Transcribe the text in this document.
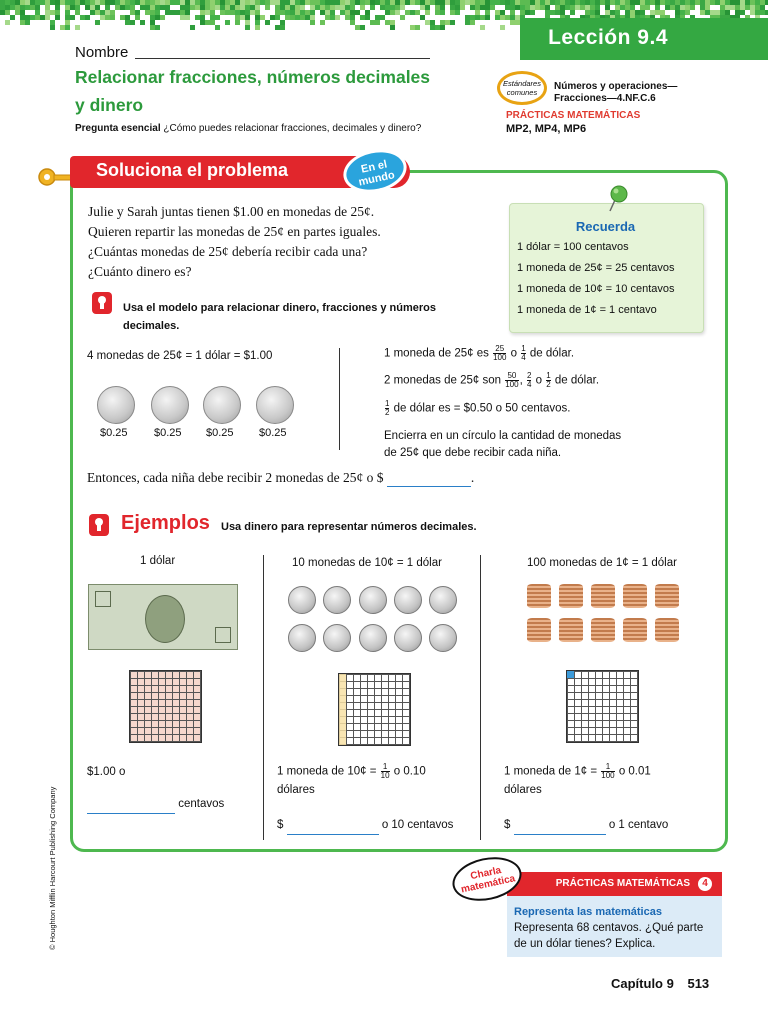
Lección 9.4
Nombre
Relacionar fracciones, números decimales
y dinero
Pregunta esencial ¿Cómo puedes relacionar fracciones, decimales y dinero?
Estándares comunes
Números y operaciones—
Fracciones—4.NF.C.6
PRÁCTICAS MATEMÁTICAS
MP2, MP4, MP6
Soluciona el problema	En el mundo
Julie y Sarah juntas tienen $1.00 en monedas de 25¢. Quieren repartir las monedas de 25¢ en partes iguales. ¿Cuántas monedas de 25¢ debería recibir cada una? ¿Cuánto dinero es?
Recuerda
1 dólar = 100 centavos
1 moneda de 25¢ = 25 centavos
1 moneda de 10¢ = 10 centavos
1 moneda de 1¢ = 1 centavo
Usa el modelo para relacionar dinero, fracciones y números decimales.
4 monedas de 25¢ = 1 dólar = $1.00
$0.25 $0.25 $0.25 $0.25
1 moneda de 25¢ es $\frac{25}{100}$ o $\frac{1}{4}$ de dólar.
2 monedas de 25¢ son $\frac{50}{100}$ , $\frac{2}{4}$ o $\frac{1}{2}$ de dólar.
$\frac{1}{2}$ de dólar es = $0.50 o 50 centavos.
Encierra en un círculo la cantidad de monedas
de 25¢ que debe recibir cada niña.
Entonces, cada niña debe recibir 2 monedas de 25¢ o $	.
Ejemplos Usa dinero para representar números decimales.
1 dólar
$1.00 o
centavos
10 monedas de 10¢ = 1 dólar
1 moneda de 10¢ = $\frac{1}{10}$ o 0.10
dólares
$	o 10 centavos
100 monedas de 1¢ = 1 dólar
1 moneda de 1¢ = $\frac{1}{100}$ o 0.01
dólares
$	o 1 centavo
PRÁCTICAS MATEMÁTICAS	4
Charla matemática
Representa las matemáticas
Representa 68 centavos. ¿Qué parte de un dólar tienes? Explica.
Capítulo 9 513
© Houghton Mifflin Harcourt Publishing Company
